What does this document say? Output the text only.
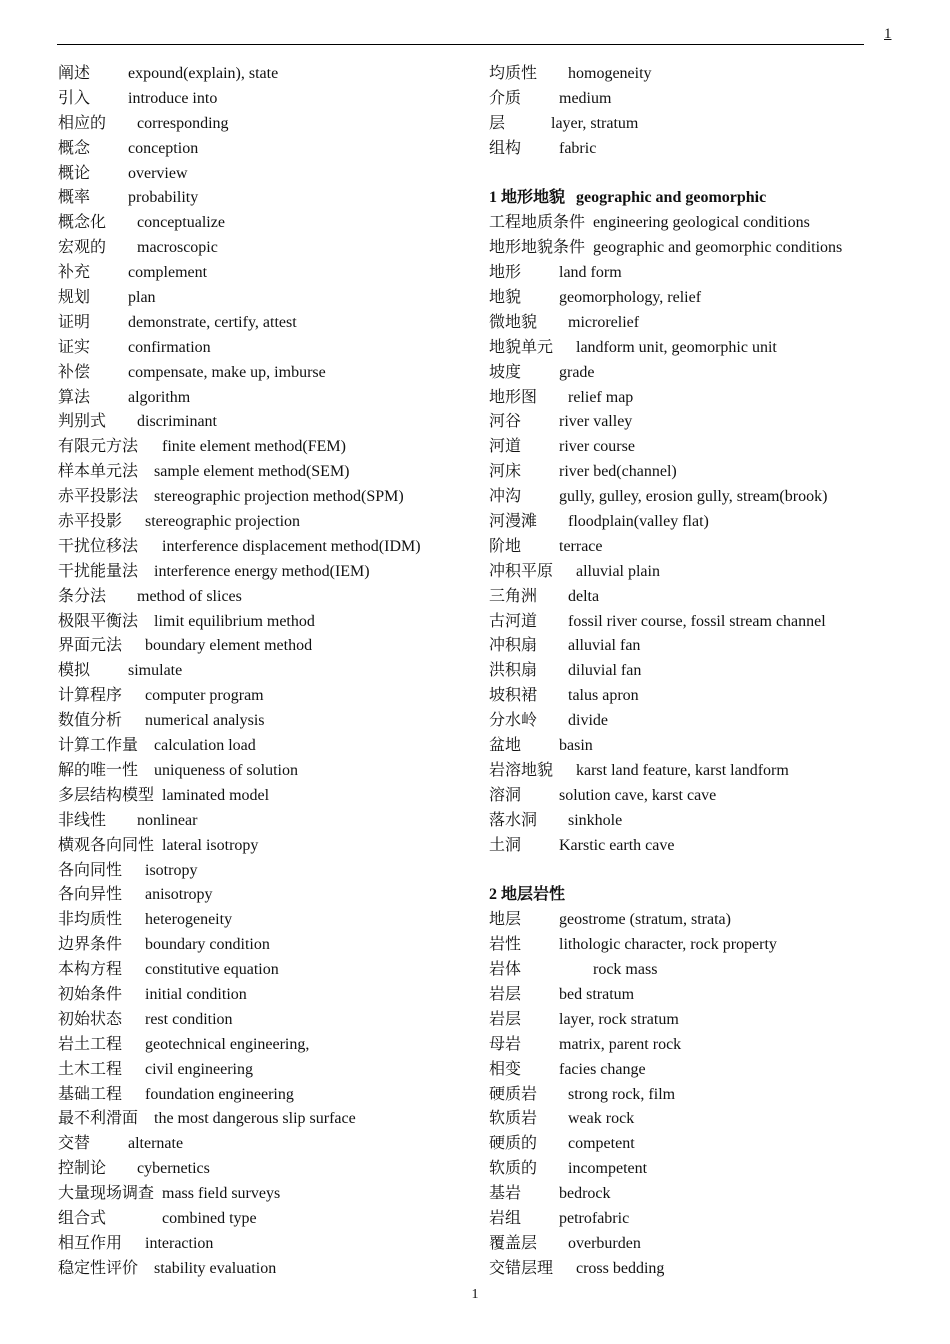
1
阐述 expound(explain), state
引入 introduce into
相应的 corresponding
概念 conception
概论 overview
概率 probability
概念化 conceptualize
宏观的 macroscopic
补充 complement
规划 plan
证明 demonstrate, certify, attest
证实 confirmation
补偿 compensate, make up, imburse
算法 algorithm
判别式 discriminant
有限元方法 finite element method(FEM)
样本单元法 sample element method(SEM)
赤平投影法 stereographic projection method(SPM)
赤平投影 stereographic projection
干扰位移法 interference displacement method(IDM)
干扰能量法 interference energy method(IEM)
条分法 method of slices
极限平衡法 limit equilibrium method
界面元法 boundary element method
模拟 simulate
计算程序 computer program
数值分析 numerical analysis
计算工作量 calculation load
解的唯一性 uniqueness of solution
多层结构模型 laminated model
非线性 nonlinear
横观各向同性 lateral isotropy
各向同性 isotropy
各向异性 anisotropy
非均质性 heterogeneity
边界条件 boundary condition
本构方程 constitutive equation
初始条件 initial condition
初始状态 rest condition
岩土工程 geotechnical engineering,
土木工程 civil engineering
基础工程 foundation engineering
最不利滑面 the most dangerous slip surface
交替 alternate
控制论 cybernetics
大量现场调查 mass field surveys
组合式	combined type
相互作用 interaction
稳定性评价 stability evaluation
均质性 homogeneity
介质 medium
层	layer, stratum
组构 fabric
1 地形地貌 geographic and geomorphic
工程地质条件 engineering geological conditions
地形地貌条件 geographic and geomorphic conditions
地形 land form
地貌 geomorphology, relief
微地貌 microrelief
地貌单元 landform unit, geomorphic unit
坡度 grade
地形图 relief map
河谷 river valley
河道 river course
河床 river bed(channel)
冲沟 gully, gulley, erosion gully, stream(brook)
河漫滩 floodplain(valley flat)
阶地 terrace
冲积平原 alluvial plain
三角洲 delta
古河道 fossil river course, fossil stream channel
冲积扇 alluvial fan
洪积扇 diluvial fan
坡积裙 talus apron
分水岭 divide
盆地 basin
岩溶地貌 karst land feature, karst landform
溶洞 solution cave, karst cave
落水洞 sinkhole
土洞 Karstic earth cave
2 地层岩性
地层 geostrome (stratum, strata)
岩性 lithologic character, rock property
岩体	rock mass
岩层 bed stratum
岩层 layer, rock stratum
母岩 matrix, parent rock
相变 facies change
硬质岩 strong rock, film
软质岩 weak rock
硬质的 competent
软质的 incompetent
基岩 bedrock
岩组 petrofabric
覆盖层 overburden
交错层理 cross bedding
1
